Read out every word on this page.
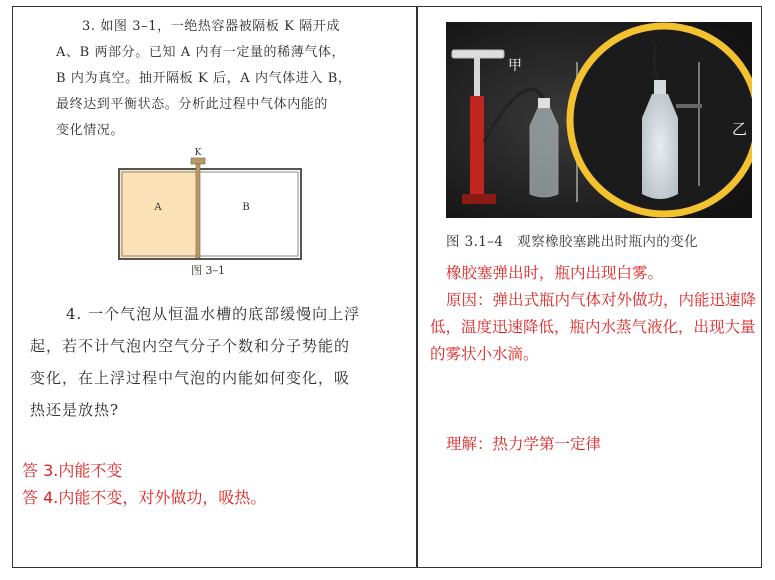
3. 如图 3–1，一绝热容器被隔板 K 隔开成

A、B 两部分。已知 A 内有一定量的稀薄气体，
B 内为真空。抽开隔板 K 后，A 内气体进入 B，
最终达到平衡状态。分析此过程中气体内能的
变化情况。
K
A	B
图 3–1

4. 一个气泡从恒温水槽的底部缓慢向上浮

起，若不计气泡内空气分子个数和分子势能的
变化，在上浮过程中气泡的内能如何变化，吸
热还是放热?
答 3.内能不变
答 4.内能不变，对外做功，吸热。
甲
乙
图 3.1–4　观察橡胶塞跳出时瓶内的变化
橡胶塞弹出时，瓶内出现白雾。
原因：弹出式瓶内气体对外做功，内能迅速降低，温度迅速降低，瓶内水蒸气液化，出现大量的雾状小水滴。
理解：热力学第一定律
